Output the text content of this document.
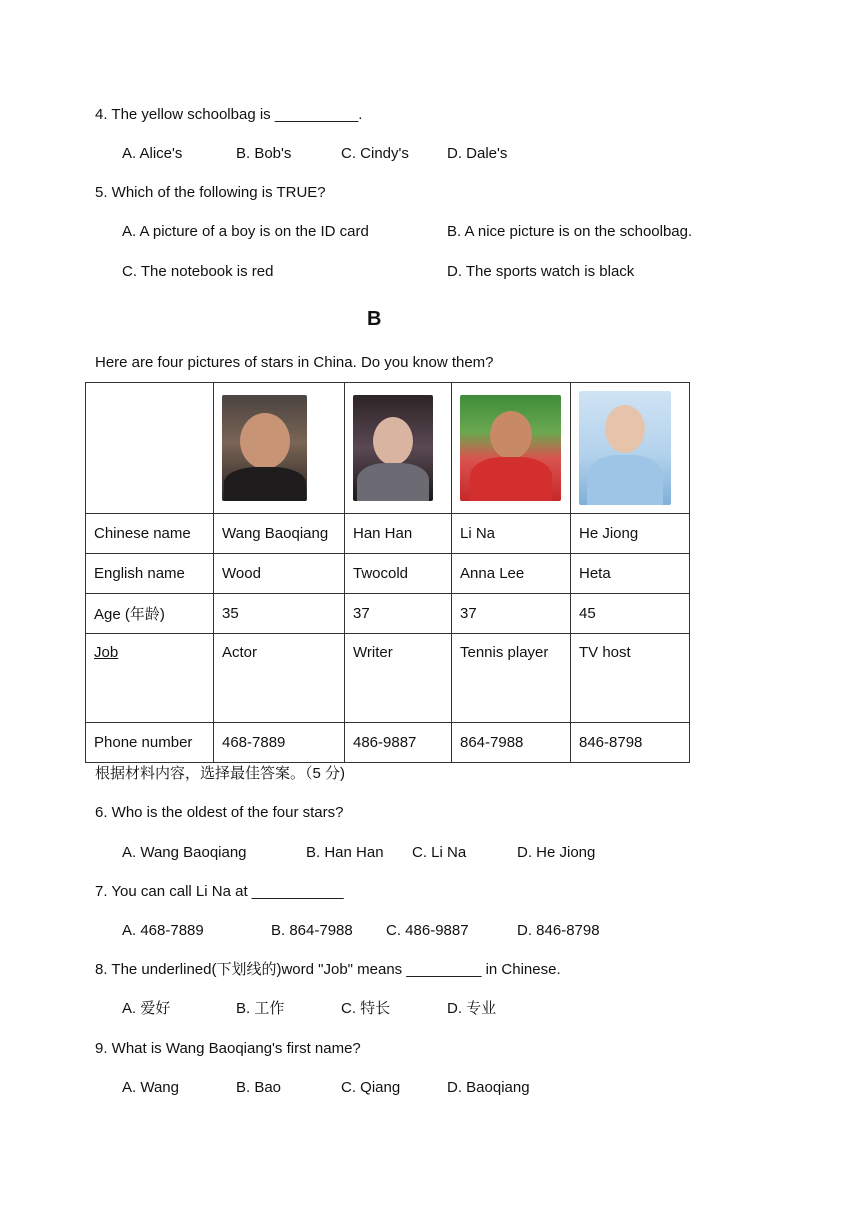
4. The yellow schoolbag is __________.
A. Alice's	B. Bob's	C. Cindy's	D. Dale's
5. Which of the following is TRUE?
A. A picture of a boy is on the ID card	B. A nice picture is on the schoolbag.
C. The notebook is red	D. The sports watch is black
B
Here are four pictures of stars in China. Do you know them?

Chinese name	Wang Baoqiang	Han Han	Li Na	He Jiong
English name	Wood	Twocold	Anna Lee	Heta
Age (年龄)	35	37	37	45
Job	Actor	Writer	Tennis player	TV host
Phone number	468-7889	486-9887	864-7988	846-8798
根据材料内容，选择最佳答案。（5 分)
6. Who is the oldest of the four stars?
A. Wang Baoqiang	B. Han Han C. Li Na	D. He Jiong
7. You can call Li Na at ___________
A. 468-7889	B. 864-7988 C. 486-9887	D. 846-8798
8. The underlined(下划线的)word "Job" means _________ in Chinese.
A. 爱好	B. 工作	C. 特长	D. 专业
9. What is Wang Baoqiang's first name?
A. Wang	B. Bao	C. Qiang	D. Baoqiang
